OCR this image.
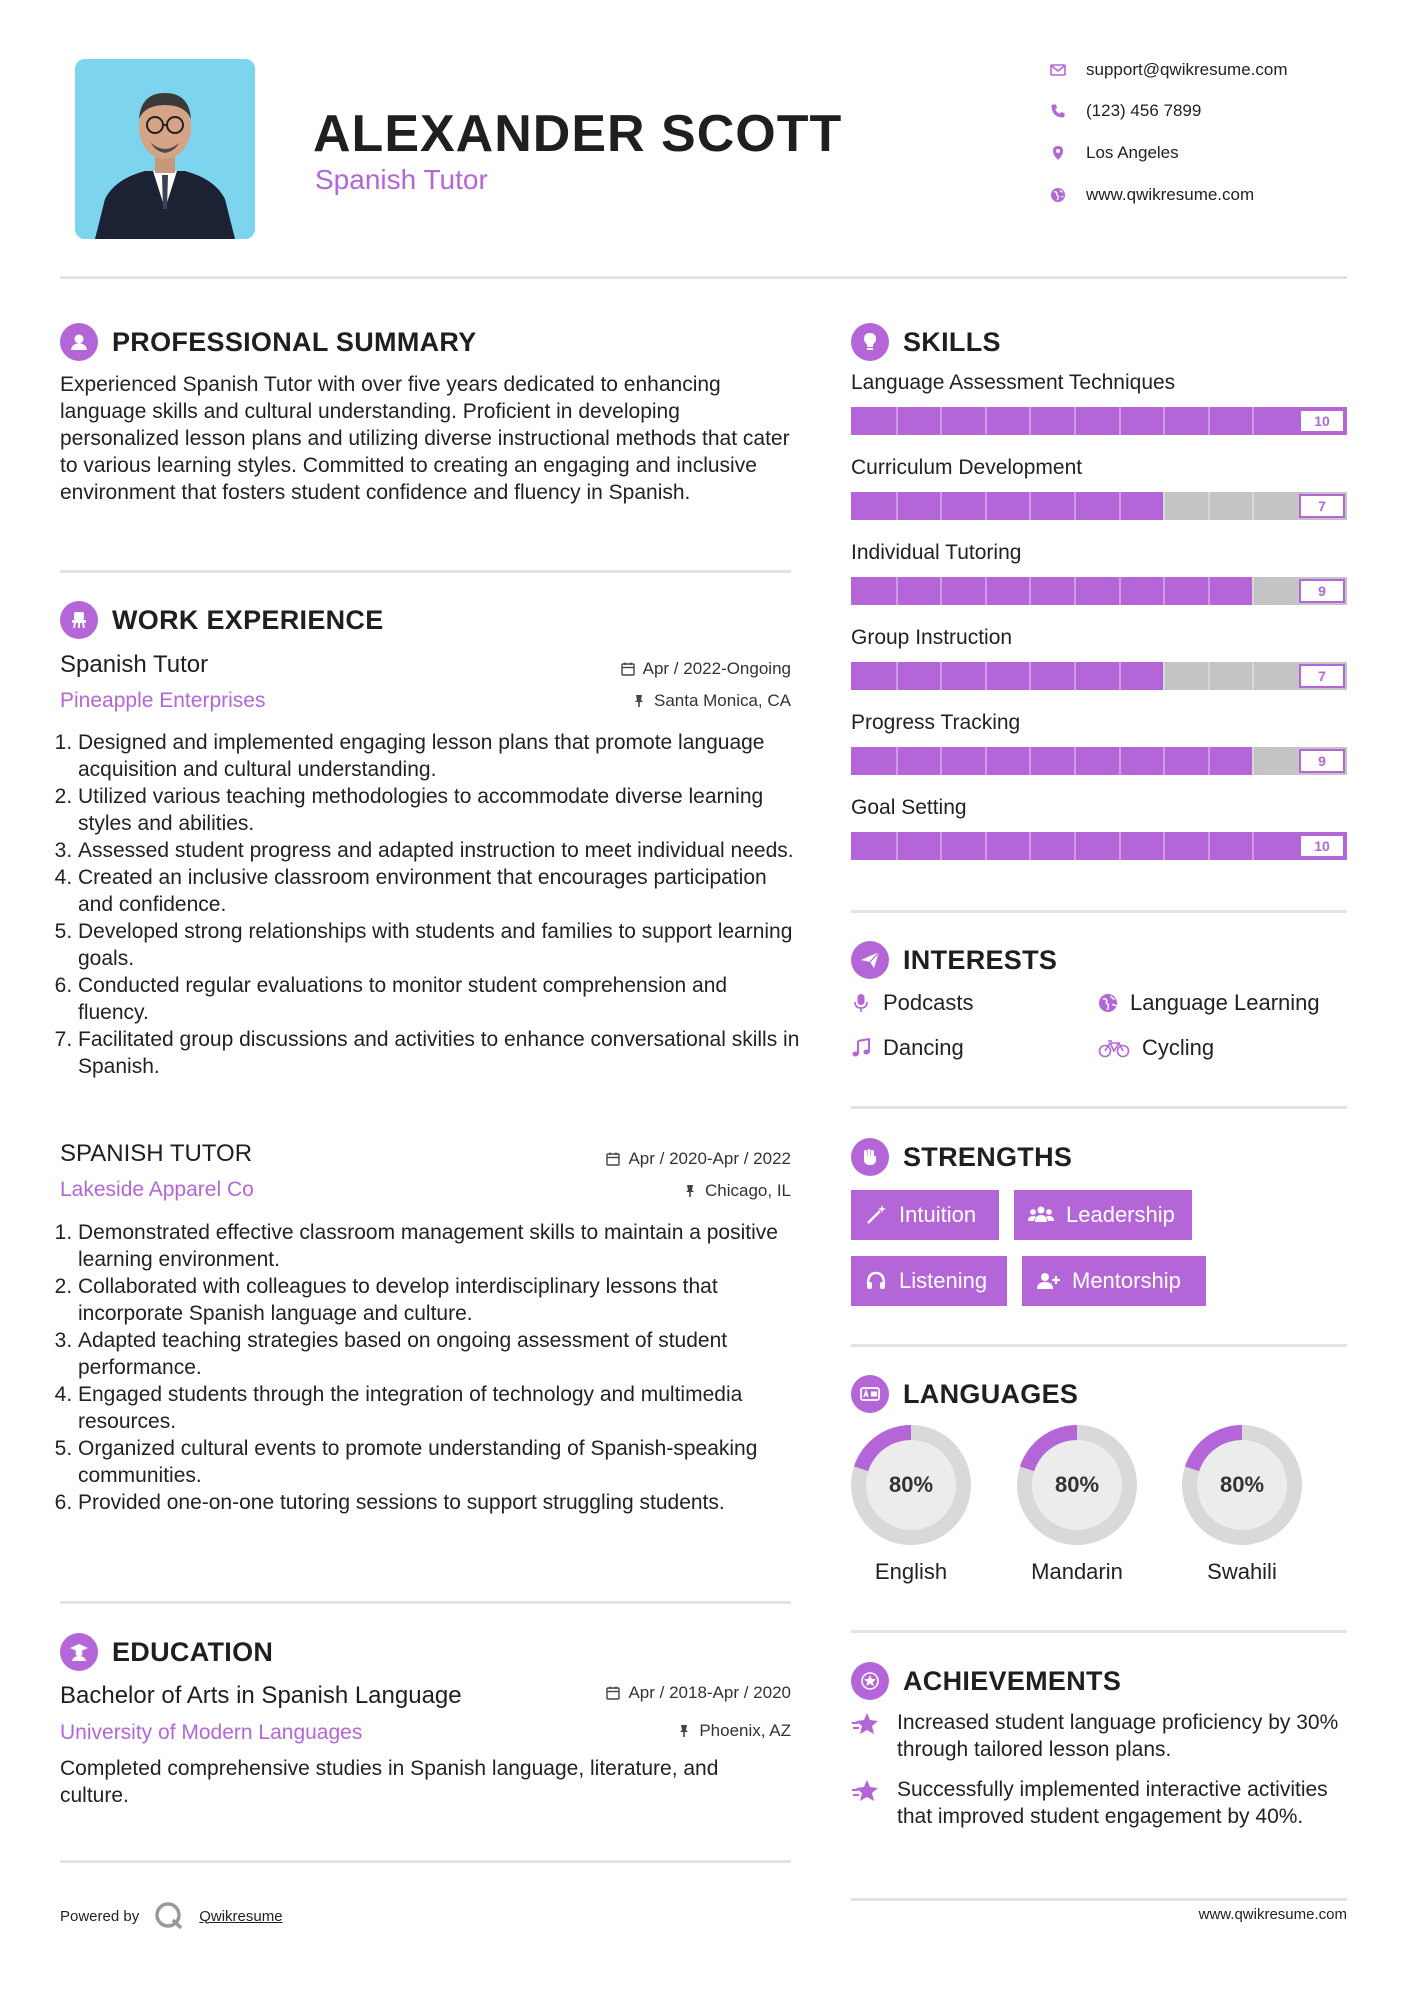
ALEXANDER SCOTT
Spanish Tutor
support@qwikresume.com
(123) 456 7899
Los Angeles
www.qwikresume.com
PROFESSIONAL SUMMARY
Experienced Spanish Tutor with over five years dedicated to enhancing language skills and cultural understanding. Proficient in developing personalized lesson plans and utilizing diverse instructional methods that cater to various learning styles. Committed to creating an engaging and inclusive environment that fosters student confidence and fluency in Spanish.
WORK EXPERIENCE
Spanish Tutor
Pineapple Enterprises
Apr / 2022-Ongoing
Santa Monica, CA
1. Designed and implemented engaging lesson plans that promote language acquisition and cultural understanding.
2. Utilized various teaching methodologies to accommodate diverse learning styles and abilities.
3. Assessed student progress and adapted instruction to meet individual needs.
4. Created an inclusive classroom environment that encourages participation and confidence.
5. Developed strong relationships with students and families to support learning goals.
6. Conducted regular evaluations to monitor student comprehension and fluency.
7. Facilitated group discussions and activities to enhance conversational skills in Spanish.
SPANISH TUTOR
Lakeside Apparel Co
Apr / 2020-Apr / 2022
Chicago, IL
1. Demonstrated effective classroom management skills to maintain a positive learning environment.
2. Collaborated with colleagues to develop interdisciplinary lessons that incorporate Spanish language and culture.
3. Adapted teaching strategies based on ongoing assessment of student performance.
4. Engaged students through the integration of technology and multimedia resources.
5. Organized cultural events to promote understanding of Spanish-speaking communities.
6. Provided one-on-one tutoring sessions to support struggling students.
EDUCATION
Bachelor of Arts in Spanish Language
University of Modern Languages
Apr / 2018-Apr / 2020
Phoenix, AZ
Completed comprehensive studies in Spanish language, literature, and culture.
SKILLS
Language Assessment Techniques
10
Curriculum Development
7
Individual Tutoring
9
Group Instruction
7
Progress Tracking
9
Goal Setting
10
INTERESTS
Podcasts	Language Learning
Dancing	Cycling
STRENGTHS
Intuition	Leadership
Listening	Mentorship
LANGUAGES
80%
English
80%
Mandarin
80%
Swahili
ACHIEVEMENTS
Increased student language proficiency by 30% through tailored lesson plans.
Successfully implemented interactive activities that improved student engagement by 40%.
Powered by	Qwikresume	www.qwikresume.com
